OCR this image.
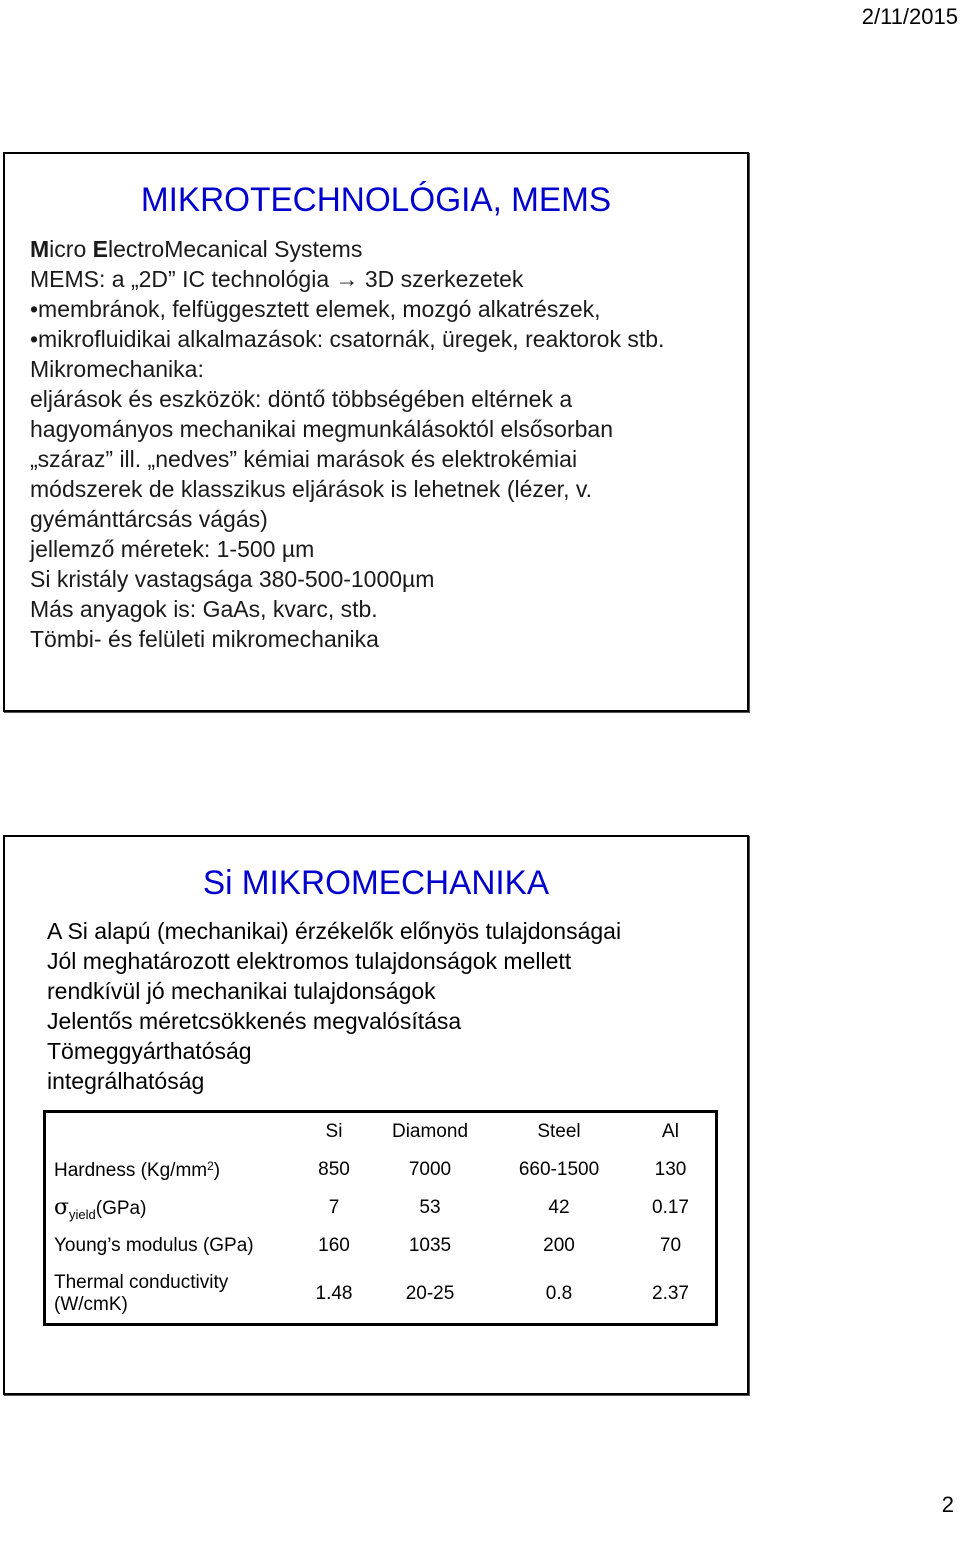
2/11/2015
MIKROTECHNOLÓGIA, MEMS
Micro ElectroMecanical Systems
MEMS: a „2D” IC technológia → 3D szerkezetek
•membránok, felfüggesztett elemek, mozgó alkatrészek,
•mikrofluidikai alkalmazások: csatornák, üregek, reaktorok stb.
Mikromechanika:
eljárások és eszközök: döntő többségében eltérnek a
hagyományos mechanikai megmunkálásoktól elsősorban
„száraz” ill. „nedves” kémiai marások és elektrokémiai
módszerek de klasszikus eljárások is lehetnek (lézer, v.
gyémánttárcsás vágás)
jellemző méretek: 1-500 µm
Si kristály vastagsága 380-500-1000µm
Más anyagok is: GaAs, kvarc, stb.
Tömbi- és felületi mikromechanika
Si MIKROMECHANIKA
A Si alapú (mechanikai) érzékelők előnyös tulajdonságai
Jól meghatározott elektromos tulajdonságok mellett
rendkívül jó mechanikai tulajdonságok
Jelentős méretcsökkenés megvalósítása
Tömeggyárthatóság
integrálhatóság
	Si	Diamond	Steel	Al
Hardness $(Kg/mm^2)$	850	7000	660-1500	130
$\sigma_{yield}(GPa)$	7	53	42	0.17
Young’s modulus (GPa)	160	1035	200	70
Thermal conductivity (W/cmK)	1.48	20-25	0.8	2.37
2
